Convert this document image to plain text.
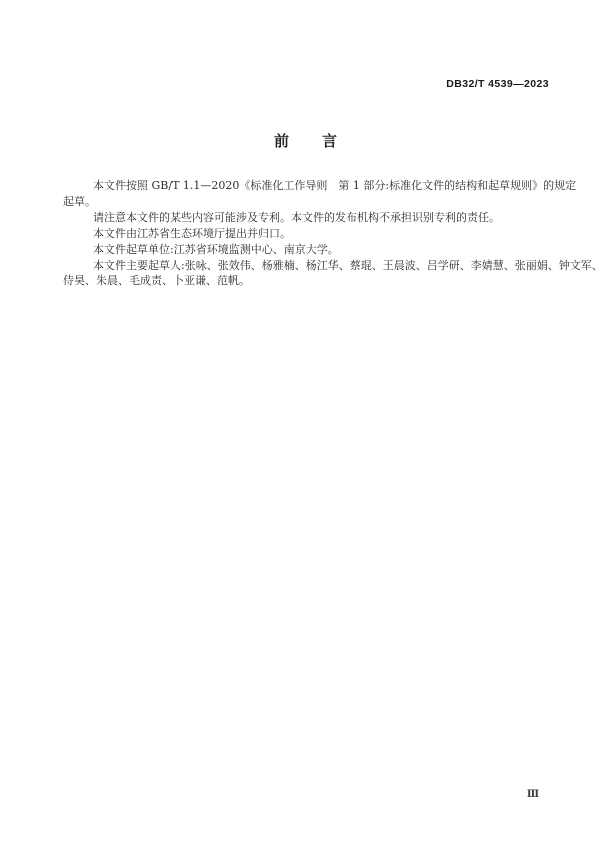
DB32/T 4539—2023
前　　言
本文件按照 GB/T 1.1—2020《标准化工作导则　第 1 部分:标准化文件的结构和起草规则》的规定
起草。
请注意本文件的某些内容可能涉及专利。本文件的发布机构不承担识别专利的责任。
本文件由江苏省生态环境厅提出并归口。
本文件起草单位:江苏省环境监测中心、南京大学。
本文件主要起草人:张咏、张效伟、杨雅楠、杨江华、蔡琨、王晨波、吕学研、李婧慧、张丽娟、钟文军、
侍昊、朱晨、毛成责、卜亚谦、范帆。
Ⅲ
